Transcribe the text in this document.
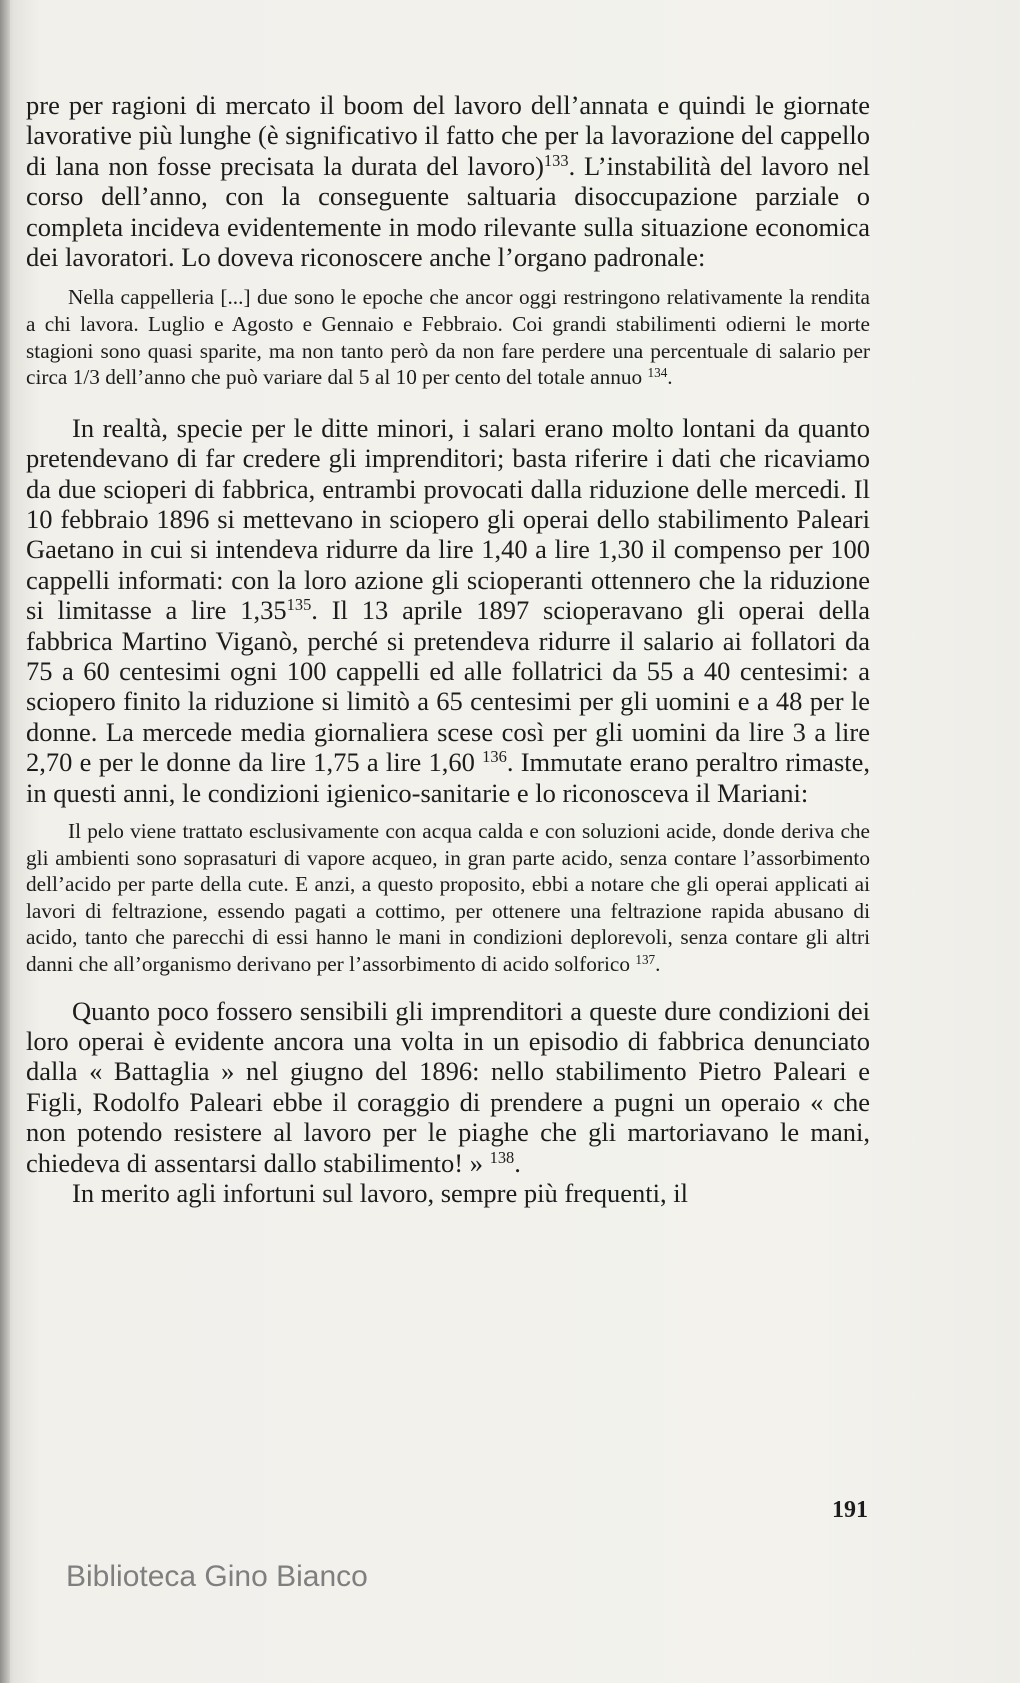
pre per ragioni di mercato il boom del lavoro dell’annata e quindi le giornate lavorative più lunghe (è significativo il fatto che per la lavorazione del cappello di lana non fosse precisata la durata del lavoro)$^{133}$. L’instabilità del lavoro nel corso dell’anno, con la conseguente saltuaria disoccupazione parziale o completa incideva evidentemente in modo rilevante sulla situazione economica dei lavoratori. Lo doveva riconoscere anche l’organo padronale:

Nella cappelleria [...] due sono le epoche che ancor oggi restringono relativamente la rendita a chi lavora. Luglio e Agosto e Gennaio e Febbraio. Coi grandi stabilimenti odierni le morte stagioni sono quasi sparite, ma non tanto però da non fare perdere una percentuale di salario per circa 1/3 dell’anno che può variare dal 5 al 10 per cento del totale annuo $^{134}$.

In realtà, specie per le ditte minori, i salari erano molto lontani da quanto pretendevano di far credere gli imprenditori; basta riferire i dati che ricaviamo da due scioperi di fabbrica, entrambi provocati dalla riduzione delle mercedi. Il 10 febbraio 1896 si mettevano in sciopero gli operai dello stabilimento Paleari Gaetano in cui si intendeva ridurre da lire 1,40 a lire 1,30 il compenso per 100 cappelli informati: con la loro azione gli scioperanti ottennero che la riduzione si limitasse a lire 1,35$^{135}$. Il 13 aprile 1897 scioperavano gli operai della fabbrica Martino Viganò, perché si pretendeva ridurre il salario ai follatori da 75 a 60 centesimi ogni 100 cappelli ed alle follatrici da 55 a 40 centesimi: a sciopero finito la riduzione si limitò a 65 centesimi per gli uomini e a 48 per le donne. La mercede media giornaliera scese così per gli uomini da lire 3 a lire 2,70 e per le donne da lire 1,75 a lire 1,60 $^{136}$. Immutate erano peraltro rimaste, in questi anni, le condizioni igienico-sanitarie e lo riconosceva il Mariani:

Il pelo viene trattato esclusivamente con acqua calda e con soluzioni acide, donde deriva che gli ambienti sono soprasaturi di vapore acqueo, in gran parte acido, senza contare l’assorbimento dell’acido per parte della cute. E anzi, a questo proposito, ebbi a notare che gli operai applicati ai lavori di feltrazione, essendo pagati a cottimo, per ottenere una feltrazione rapida abusano di acido, tanto che parecchi di essi hanno le mani in condizioni deplorevoli, senza contare gli altri danni che all’organismo derivano per l’assorbimento di acido solforico $^{137}$.

Quanto poco fossero sensibili gli imprenditori a queste dure condizioni dei loro operai è evidente ancora una volta in un episodio di fabbrica denunciato dalla « Battaglia » nel giugno del 1896: nello stabilimento Pietro Paleari e Figli, Rodolfo Paleari ebbe il coraggio di prendere a pugni un operaio « che non potendo resistere al lavoro per le piaghe che gli martoriavano le mani, chiedeva di assentarsi dallo stabilimento! » $^{138}$.

In merito agli infortuni sul lavoro, sempre più frequenti, il

191
Biblioteca Gino Bianco
